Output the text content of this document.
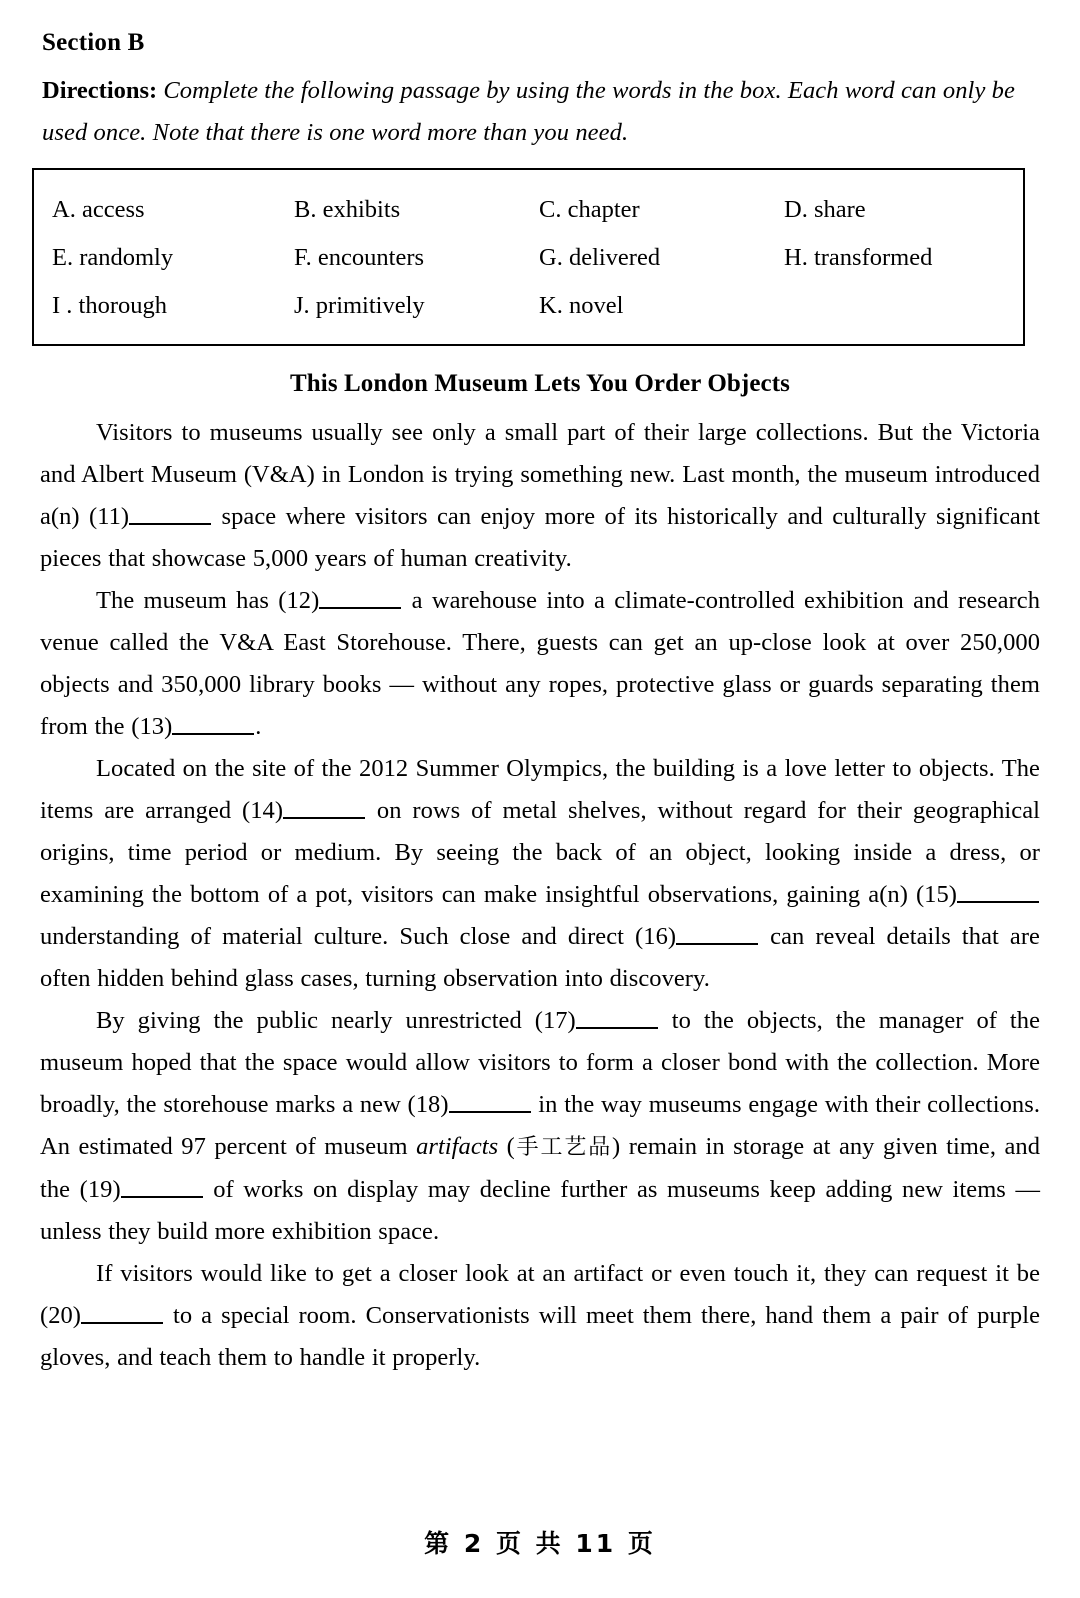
Section B

Directions: Complete the following passage by using the words in the box. Each word can only be used once. Note that there is one word more than you need.

A. access	B. exhibits	C. chapter	D. share
E. randomly	F. encounters	G. delivered	H. transformed
I . thorough	J. primitively	K. novel

This London Museum Lets You Order Objects

Visitors to museums usually see only a small part of their large collections. But the Victoria and Albert Museum (V&A) in London is trying something new. Last month, the museum introduced a(n) (11)	space where visitors can enjoy more of its historically and culturally significant pieces that showcase 5,000 years of human creativity.

The museum has (12)	a warehouse into a climate-controlled exhibition and research venue called the V&A East Storehouse. There, guests can get an up-close look at over 250,000 objects and 350,000 library books — without any ropes, protective glass or guards separating them from the (13)	.

Located on the site of the 2012 Summer Olympics, the building is a love letter to objects. The items are arranged (14)	on rows of metal shelves, without regard for their geographical origins, time period or medium. By seeing the back of an object, looking inside a dress, or examining the bottom of a pot, visitors can make insightful observations, gaining a(n) (15) understanding of material culture. Such close and direct (16)	can reveal details that are often hidden behind glass cases, turning observation into discovery.

By giving the public nearly unrestricted (17)	to the objects, the manager of the museum hoped that the space would allow visitors to form a closer bond with the collection. More broadly, the storehouse marks a new (18)	in the way museums engage with their collections. An estimated 97 percent of museum artifacts (手工艺品) remain in storage at any given time, and the (19)	of works on display may decline further as museums keep adding new items — unless they build more exhibition space.

If visitors would like to get a closer look at an artifact or even touch it, they can request it be (20)	to a special room. Conservationists will meet them there, hand them a pair of purple gloves, and teach them to handle it properly.

第 2 页 共 11 页
